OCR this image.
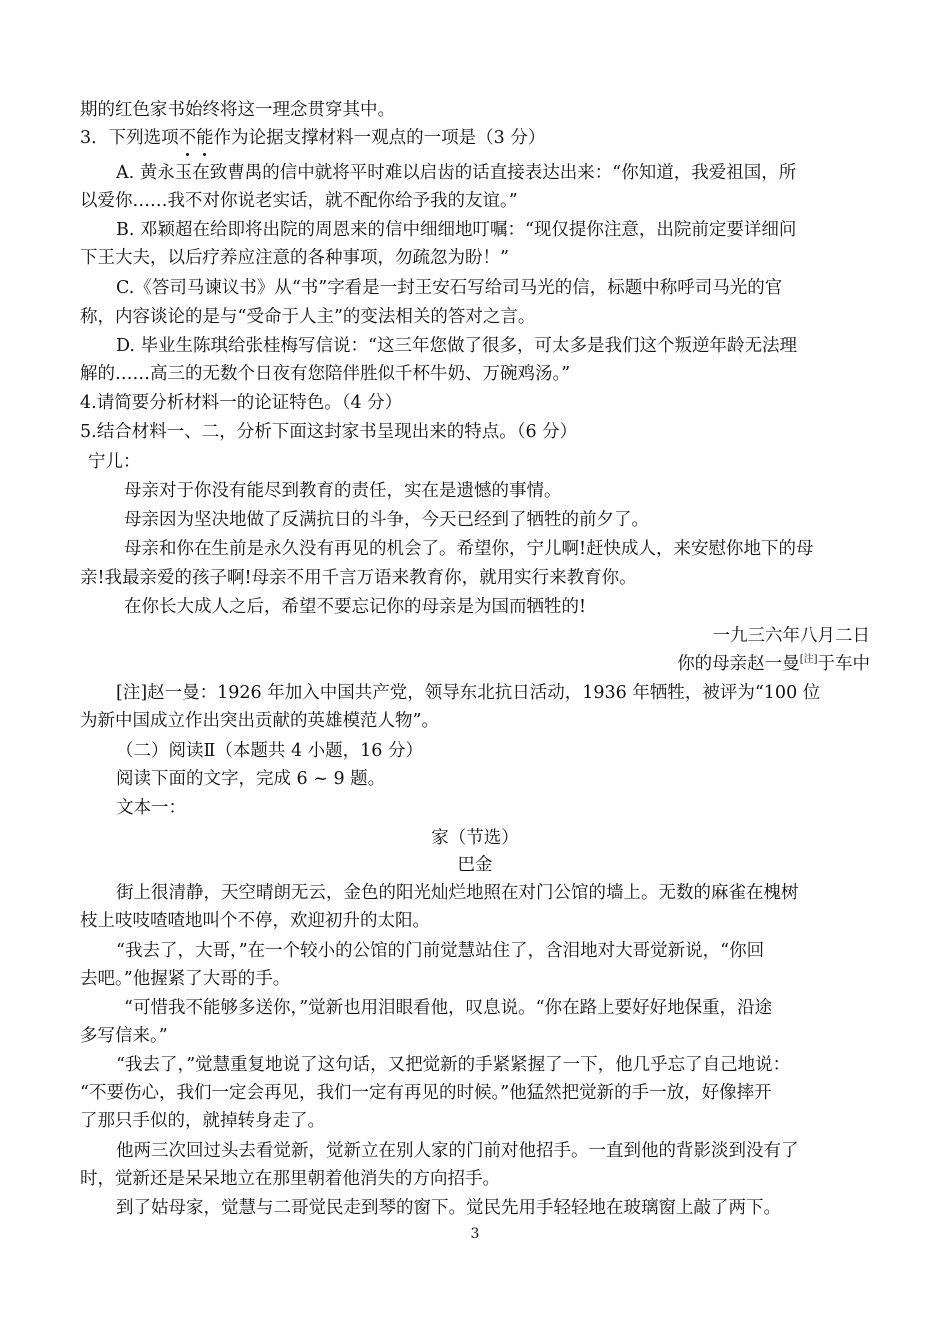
期的红色家书始终将这一理念贯穿其中。
3．下列选项不能作为论据支撑材料一观点的一项是（3 分）
A. 黄永玉在致曹禺的信中就将平时难以启齿的话直接表达出来：“你知道，我爱祖国，所
以爱你……我不对你说老实话，就不配你给予我的友谊。”
B. 邓颖超在给即将出院的周恩来的信中细细地叮嘱：“现仅提你注意，出院前定要详细问
下王大夫，以后疗养应注意的各种事项，勿疏忽为盼！”
C.《答司马谏议书》从“书”字看是一封王安石写给司马光的信，标题中称呼司马光的官
称，内容谈论的是与“受命于人主”的变法相关的答对之言。
D. 毕业生陈琪给张桂梅写信说：“这三年您做了很多，可太多是我们这个叛逆年龄无法理
解的……高三的无数个日夜有您陪伴胜似千杯牛奶、万碗鸡汤。”
4.请简要分析材料一的论证特色。（4 分）
5.结合材料一、二，分析下面这封家书呈现出来的特点。（6 分）
宁儿：
母亲对于你没有能尽到教育的责任，实在是遗憾的事情。
母亲因为坚决地做了反满抗日的斗争，今天已经到了牺牲的前夕了。
母亲和你在生前是永久没有再见的机会了。希望你，宁儿啊!赶快成人，来安慰你地下的母
亲!我最亲爱的孩子啊!母亲不用千言万语来教育你，就用实行来教育你。
在你长大成人之后，希望不要忘记你的母亲是为国而牺牲的!
一九三六年八月二日
你的母亲赵一曼[注]于车中
[注]赵一曼：1926 年加入中国共产党，领导东北抗日活动，1936 年牺牲，被评为“100 位
为新中国成立作出突出贡献的英雄模范人物”。
（二）阅读Ⅱ（本题共 4 小题，16 分）
阅读下面的文字，完成 6 ~ 9 题。
文本一：
家（节选）
巴金
街上很清静，天空晴朗无云，金色的阳光灿烂地照在对门公馆的墙上。无数的麻雀在槐树
枝上吱吱喳喳地叫个不停，欢迎初升的太阳。
“我去了，大哥，”在一个较小的公馆的门前觉慧站住了，含泪地对大哥觉新说，“你回
去吧。”他握紧了大哥的手。
“可惜我不能够多送你，”觉新也用泪眼看他，叹息说。“你在路上要好好地保重，沿途
多写信来。”
“我去了，”觉慧重复地说了这句话，又把觉新的手紧紧握了一下，他几乎忘了自己地说：
“不要伤心，我们一定会再见，我们一定有再见的时候。”他猛然把觉新的手一放，好像摔开
了那只手似的，就掉转身走了。
他两三次回过头去看觉新，觉新立在别人家的门前对他招手。一直到他的背影淡到没有了
时，觉新还是呆呆地立在那里朝着他消失的方向招手。
到了姑母家，觉慧与二哥觉民走到琴的窗下。觉民先用手轻轻地在玻璃窗上敲了两下。
3
